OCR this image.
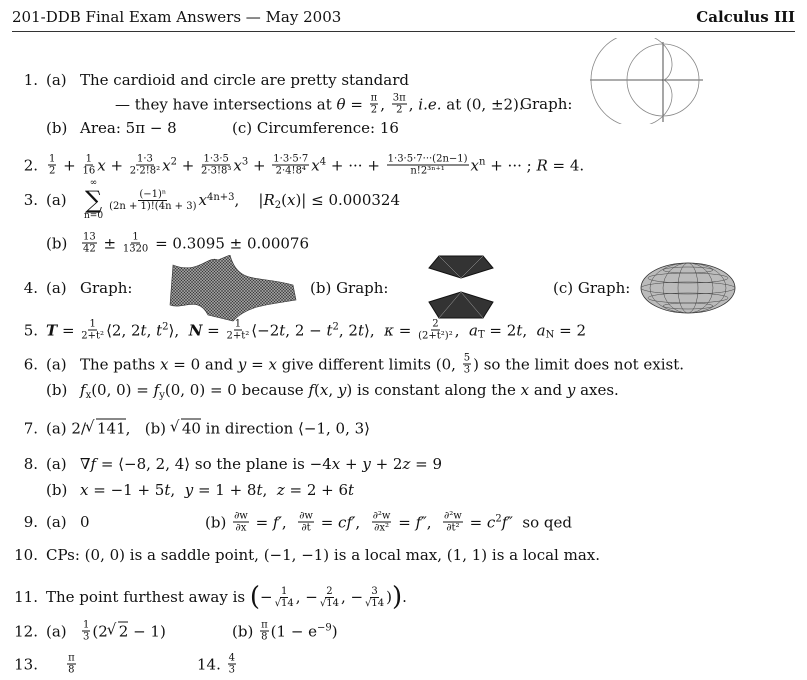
201-DDB Final Exam Answers — May 2003	Calculus III
1. (a) The cardioid and circle are pretty standard
— they have intersections at $\theta = \frac{\pi}{2}$ , $\frac{3\pi}{2}$ , i.e. at (0, ±2).
Graph:
(b) Area: 5π − 8	(c) Circumference: 16
2. $\frac{1}{2} + \frac{1}{16}$ $x + \frac{1\cdot 3}{\text{2·2!8²}}$ x $2 + \frac{1\cdot 3\cdot 5}{\text{2·3!8³}}$ x $3 + \frac{1\cdot 3\cdot 5\cdot 7}{\text{2·4!8⁴}}$ x 4 + ··· + $\frac{1\cdot 3\cdot 5\cdot 7\cdot\cdot\cdot(2n-1)}{\text{n!2³ⁿ⁺¹}}$ x n + ··· ; R = 4.
3. (a)
∞
∑
n=0
$\frac{\text{(−1)ⁿ}}{(2n + 1)!(4n + 3)}$ x 4n+3 ,    | R 2 ( x )| ≤ 0.000324
(b)	$\frac{13}{42} \pm \frac{1}{1320} = 0.3095 \pm 0.00076$
4. (a) Graph:	(b) Graph:	(c) Graph:
5. $T = \frac{1}{\text{2+t²}}$ ⟨2, 2 t , t 2 ⟩, $N = \frac{1}{\text{2+t²}}$ ⟨−2 t , 2 − t 2 , 2 t ⟩, $\kappa = \frac{2}{\text{(2+t²)²}}$ , a T = 2 t , a N = 2
6. (a) The paths x = 0 and y = x give different limits (0, $\frac{5}{3}$ ) so the limit does not exist.
(b) f x (0, 0) = f y (0, 0) = 0 because f ( x , y ) is constant along the x and y axes.
7. (a) 2/ √ 141 ,   (b) √ 40 in direction ⟨−1, 0, 3⟩
8. (a) ∇ f = ⟨−8, 2, 4⟩ so the plane is −4 x + y + 2 z = 9
(b) x = −1 + 5 t , y = 1 + 8 t , z = 2 + 6 t
9. (a) 0	$(b) \frac{\partial w}{\partial x} = f'$ , $\frac{\partial w}{\partial t} = cf'$ , $\frac{\text{∂²w}}{\text{∂x²}} = f''$ , $\frac{\text{∂²w}}{\text{∂t²}} = c$ 2 f″ so qed
10. CPs: (0, 0) is a saddle point, (−1, −1) is a local max, (1, 1) is a local max.
11. The point furthest away is ( − $\frac{1}{√14}$ , − $\frac{2}{√14}$ , − $\frac{3}{√14}$ ) ) .
12. (a)	$\frac{1}{3} (2$ √ 2 − 1)	$(b) \frac{\pi}{8} (1 - e -9$ )
13.
	$\frac{\pi}{8}$	14. $\frac{4}{3}$
